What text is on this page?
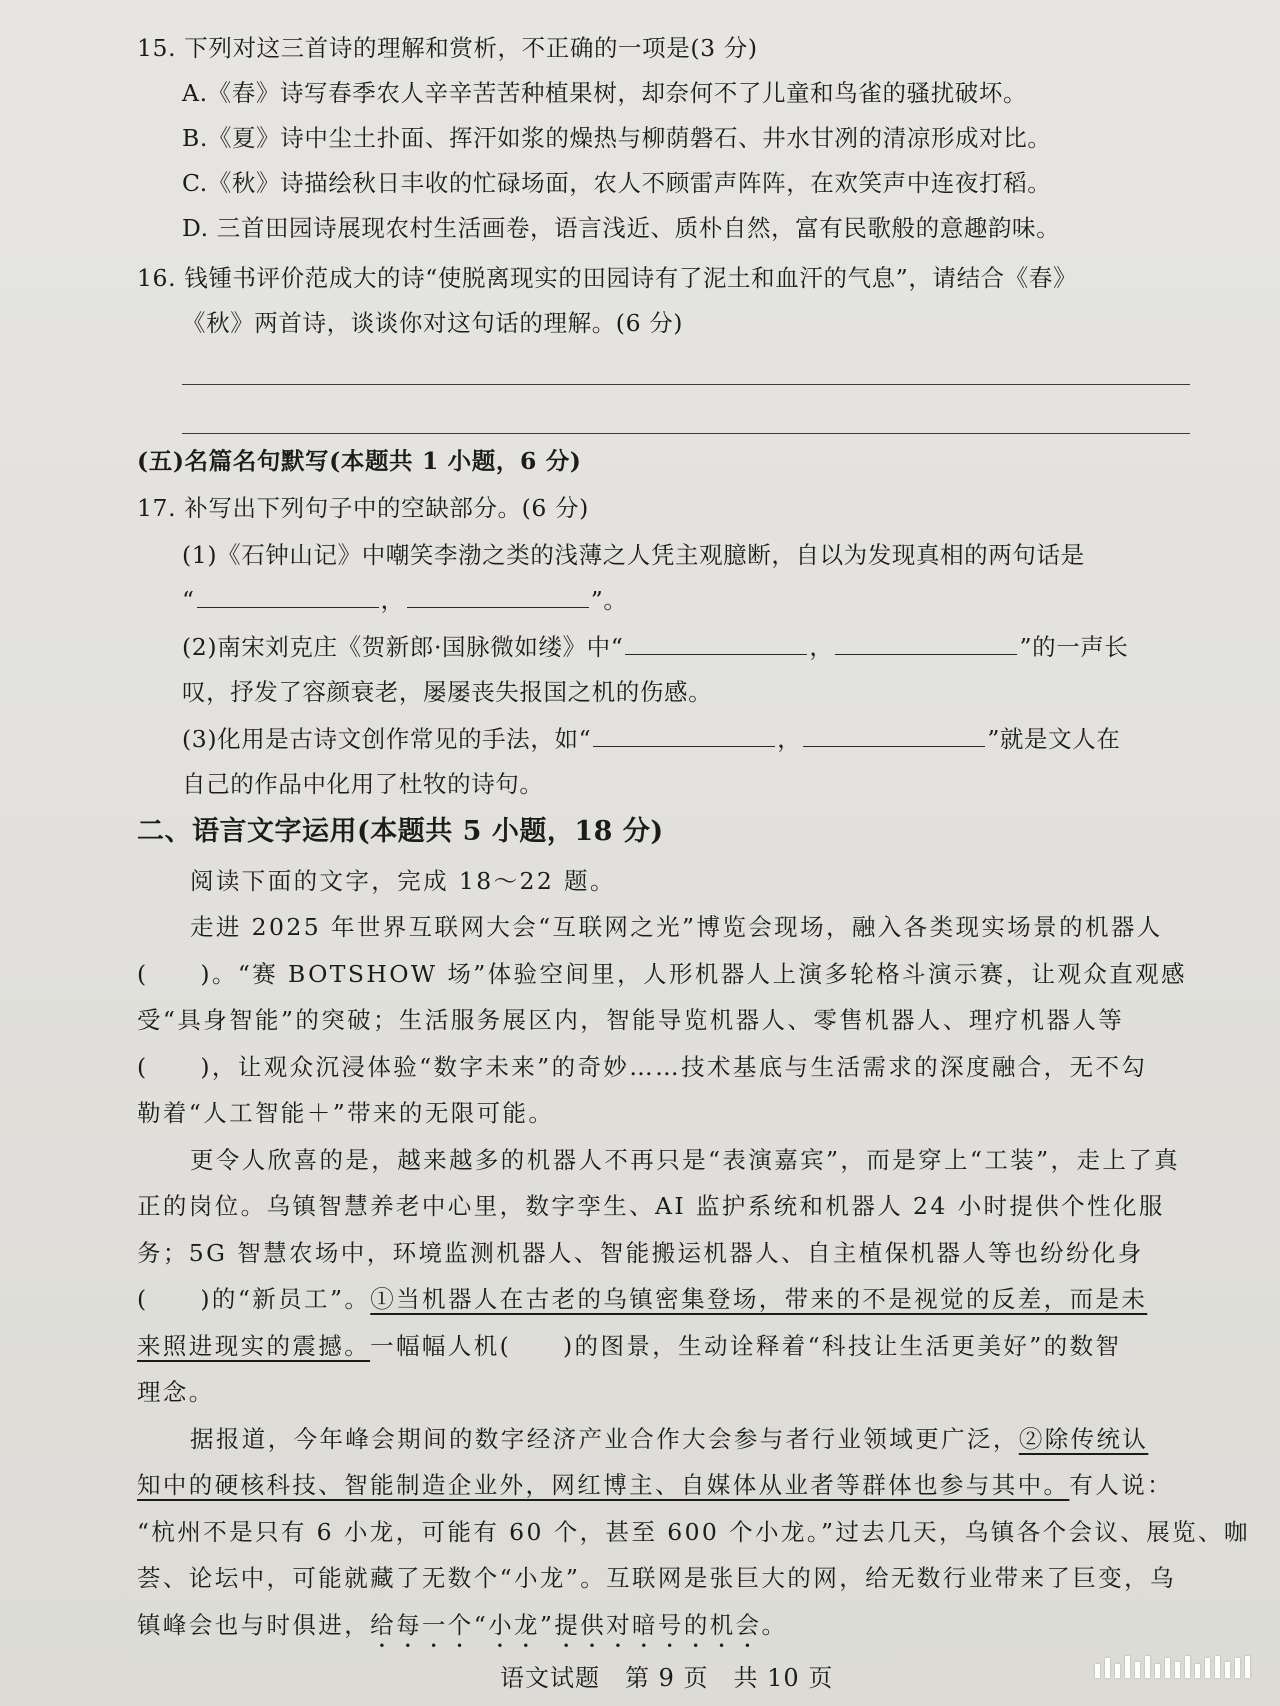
15. 下列对这三首诗的理解和赏析，不正确的一项是(3 分)
A.《春》诗写春季农人辛辛苦苦种植果树，却奈何不了儿童和鸟雀的骚扰破坏。
B.《夏》诗中尘土扑面、挥汗如浆的燥热与柳荫磐石、井水甘冽的清凉形成对比。
C.《秋》诗描绘秋日丰收的忙碌场面，农人不顾雷声阵阵，在欢笑声中连夜打稻。
D. 三首田园诗展现农村生活画卷，语言浅近、质朴自然，富有民歌般的意趣韵味。
16. 钱锺书评价范成大的诗“使脱离现实的田园诗有了泥土和血汗的气息”，请结合《春》
《秋》两首诗，谈谈你对这句话的理解。(6 分)
(五)名篇名句默写(本题共 1 小题，6 分)
17. 补写出下列句子中的空缺部分。(6 分)
(1)《石钟山记》中嘲笑李渤之类的浅薄之人凭主观臆断，自以为发现真相的两句话是
“	，	”。
(2)南宋刘克庄《贺新郎·国脉微如缕》中“	，	”的一声长
叹，抒发了容颜衰老，屡屡丧失报国之机的伤感。
(3)化用是古诗文创作常见的手法，如“	，	”就是文人在
自己的作品中化用了杜牧的诗句。
二、语言文字运用(本题共 5 小题，18 分)
阅读下面的文字，完成 18～22 题。
走进 2025 年世界互联网大会“互联网之光”博览会现场，融入各类现实场景的机器人
(　　)。“赛 BOTSHOW 场”体验空间里，人形机器人上演多轮格斗演示赛，让观众直观感
受“具身智能”的突破；生活服务展区内，智能导览机器人、零售机器人、理疗机器人等
(　　)，让观众沉浸体验“数字未来”的奇妙……技术基底与生活需求的深度融合，无不勾
勒着“人工智能＋”带来的无限可能。
更令人欣喜的是，越来越多的机器人不再只是“表演嘉宾”，而是穿上“工装”，走上了真
正的岗位。乌镇智慧养老中心里，数字孪生、AI 监护系统和机器人 24 小时提供个性化服
务；5G 智慧农场中，环境监测机器人、智能搬运机器人、自主植保机器人等也纷纷化身
(　　)的“新员工”。①当机器人在古老的乌镇密集登场，带来的不是视觉的反差，而是未
来照进现实的震撼。一幅幅人机(　　)的图景，生动诠释着“科技让生活更美好”的数智
理念。
据报道，今年峰会期间的数字经济产业合作大会参与者行业领域更广泛，②除传统认
知中的硬核科技、智能制造企业外，网红博主、自媒体从业者等群体也参与其中。有人说：
“杭州不是只有 6 小龙，可能有 60 个，甚至 600 个小龙。”过去几天，乌镇各个会议、展览、咖
荟、论坛中，可能就藏了无数个“小龙”。互联网是张巨大的网，给无数行业带来了巨变，乌
镇峰会也与时俱进，给每一个“小龙”提供对暗号的机会。
语文试题　第 9 页　共 10 页
